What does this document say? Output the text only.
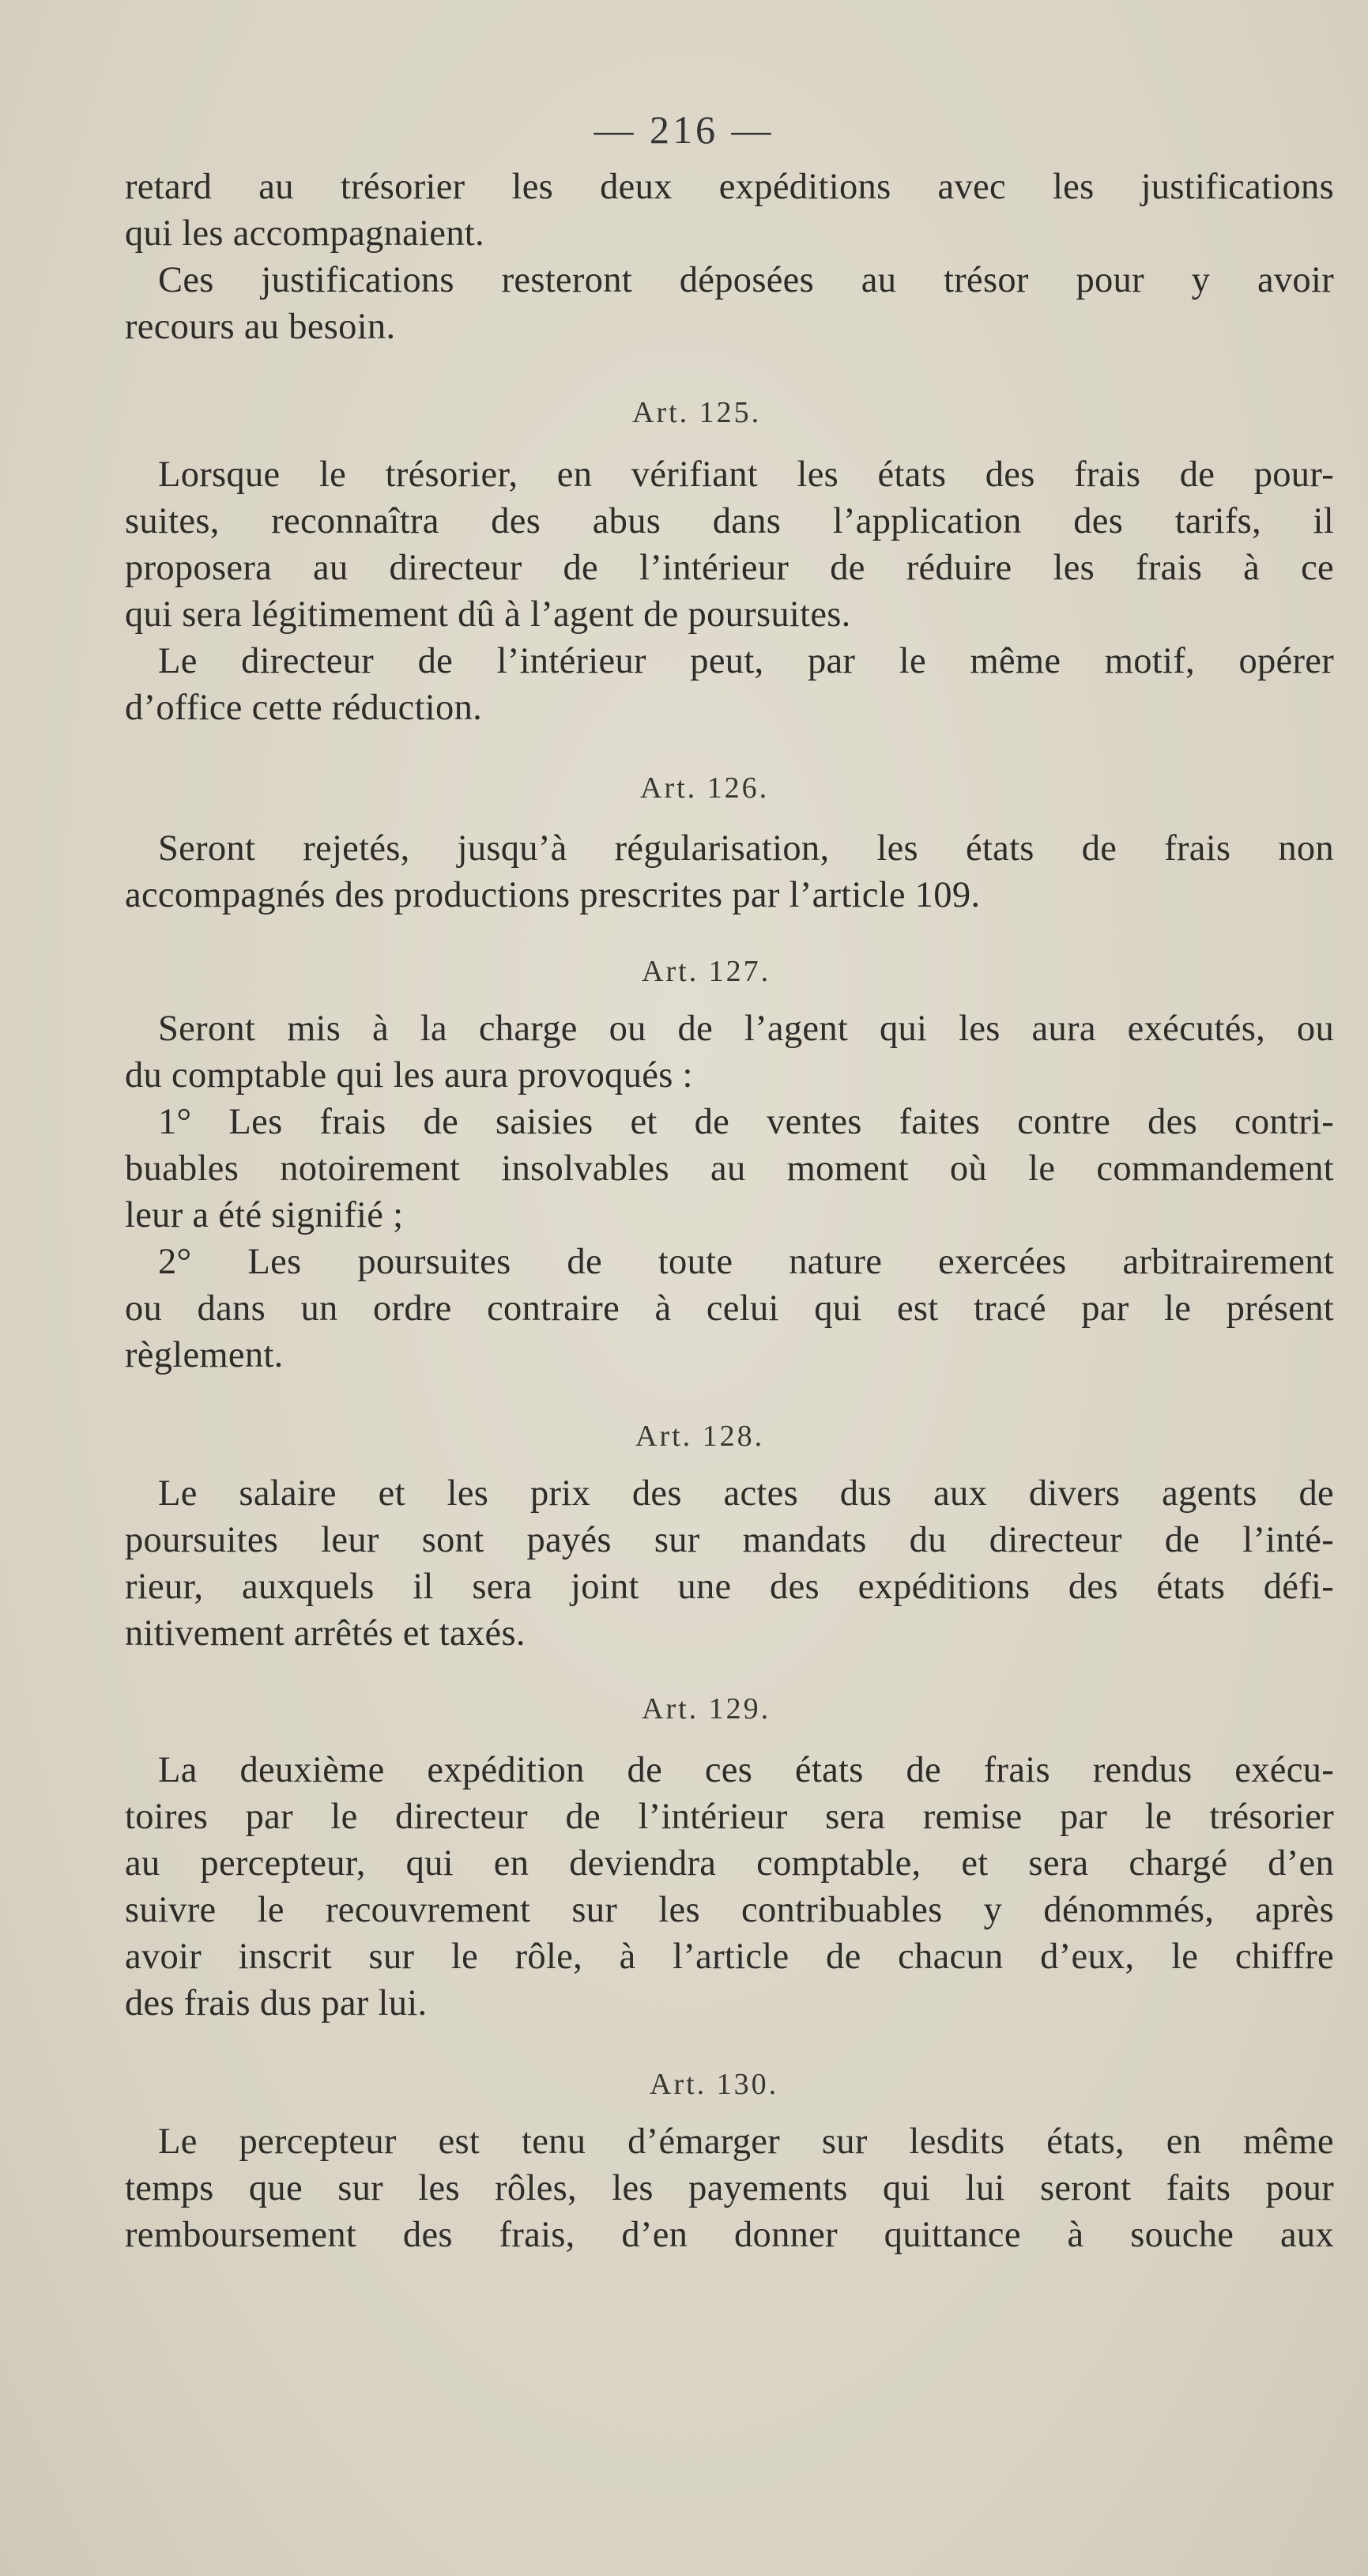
— 216 —
retard au trésorier les deux expéditions avec les justifications
qui les accompagnaient.
Ces justifications resteront déposées au trésor pour y avoir
recours au besoin.
Art. 125.
Lorsque le trésorier, en vérifiant les états des frais de pour-
suites, reconnaîtra des abus dans l’application des tarifs, il
proposera au directeur de l’intérieur de réduire les frais à ce
qui sera légitimement dû à l’agent de poursuites.
Le directeur de l’intérieur peut, par le même motif, opérer
d’office cette réduction.
Art. 126.
Seront rejetés, jusqu’à régularisation, les états de frais non
accompagnés des productions prescrites par l’article 109.
Art. 127.
Seront mis à la charge ou de l’agent qui les aura exécutés, ou
du comptable qui les aura provoqués :
1° Les frais de saisies et de ventes faites contre des contri-
buables notoirement insolvables au moment où le commandement
leur a été signifié ;
2° Les poursuites de toute nature exercées arbitrairement
ou dans un ordre contraire à celui qui est tracé par le présent
règlement.
Art. 128.
Le salaire et les prix des actes dus aux divers agents de
poursuites leur sont payés sur mandats du directeur de l’inté-
rieur, auxquels il sera joint une des expéditions des états défi-
nitivement arrêtés et taxés.
Art. 129.
La deuxième expédition de ces états de frais rendus exécu-
toires par le directeur de l’intérieur sera remise par le trésorier
au percepteur, qui en deviendra comptable, et sera chargé d’en
suivre le recouvrement sur les contribuables y dénommés, après
avoir inscrit sur le rôle, à l’article de chacun d’eux, le chiffre
des frais dus par lui.
Art. 130.
Le percepteur est tenu d’émarger sur lesdits états, en même
temps que sur les rôles, les payements qui lui seront faits pour
remboursement des frais, d’en donner quittance à souche aux
